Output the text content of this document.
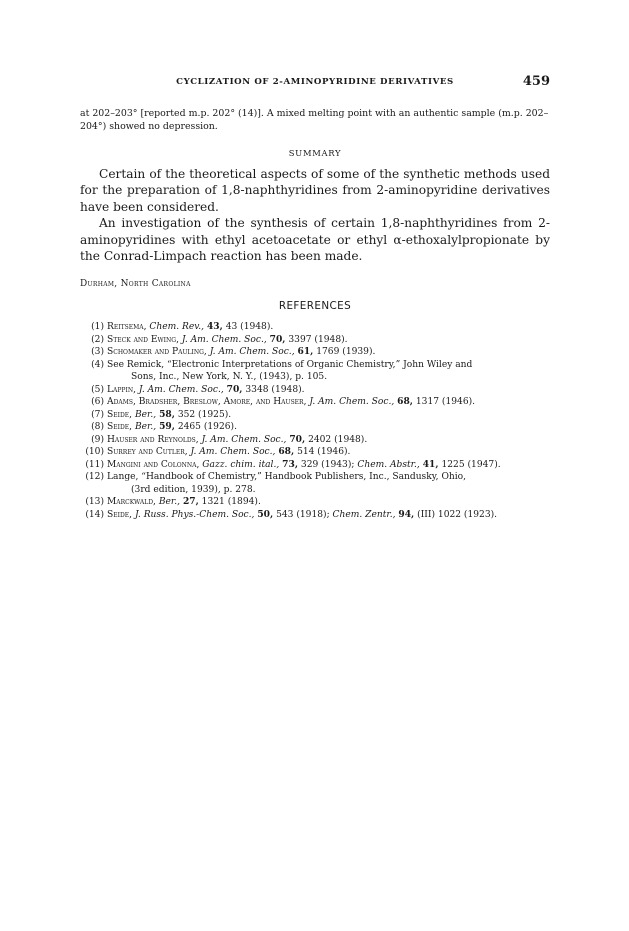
CYCLIZATION OF 2-AMINOPYRIDINE DERIVATIVES	459

at 202–203° [reported m.p. 202° (14)]. A mixed melting point with an authentic sample (m.p. 202–204°) showed no depression.

SUMMARY

Certain of the theoretical aspects of some of the synthetic methods used for the preparation of 1,8-naphthyridines from 2-aminopyridine derivatives have been considered.

An investigation of the synthesis of certain 1,8-naphthyridines from 2-aminopyridines with ethyl acetoacetate or ethyl α-ethoxalylpropionate by the Conrad-Limpach reaction has been made.

Durham, North Carolina
REFERENCES
(1) Reitsema, Chem. Rev., 43, 43 (1948).
(2) Steck and Ewing, J. Am. Chem. Soc., 70, 3397 (1948).
(3) Schomaker and Pauling, J. Am. Chem. Soc., 61, 1769 (1939).
(4) See Remick, “Electronic Interpretations of Organic Chemistry,” John Wiley and
Sons, Inc., New York, N. Y., (1943), p. 105.
(5) Lappin, J. Am. Chem. Soc., 70, 3348 (1948).
(6) Adams, Bradsher, Breslow, Amore, and Hauser, J. Am. Chem. Soc., 68, 1317 (1946).
(7) Seide, Ber., 58, 352 (1925).
(8) Seide, Ber., 59, 2465 (1926).
(9) Hauser and Reynolds, J. Am. Chem. Soc., 70, 2402 (1948).
(10) Surrey and Cutler, J. Am. Chem. Soc., 68, 514 (1946).
(11) Mangini and Colonna, Gazz. chim. ital., 73, 329 (1943); Chem. Abstr., 41, 1225 (1947).
(12) Lange, “Handbook of Chemistry,” Handbook Publishers, Inc., Sandusky, Ohio,
(3rd edition, 1939), p. 278.
(13) Marckwald, Ber., 27, 1321 (1894).
(14) Seide, J. Russ. Phys.-Chem. Soc., 50, 543 (1918); Chem. Zentr., 94, (III) 1022 (1923).
